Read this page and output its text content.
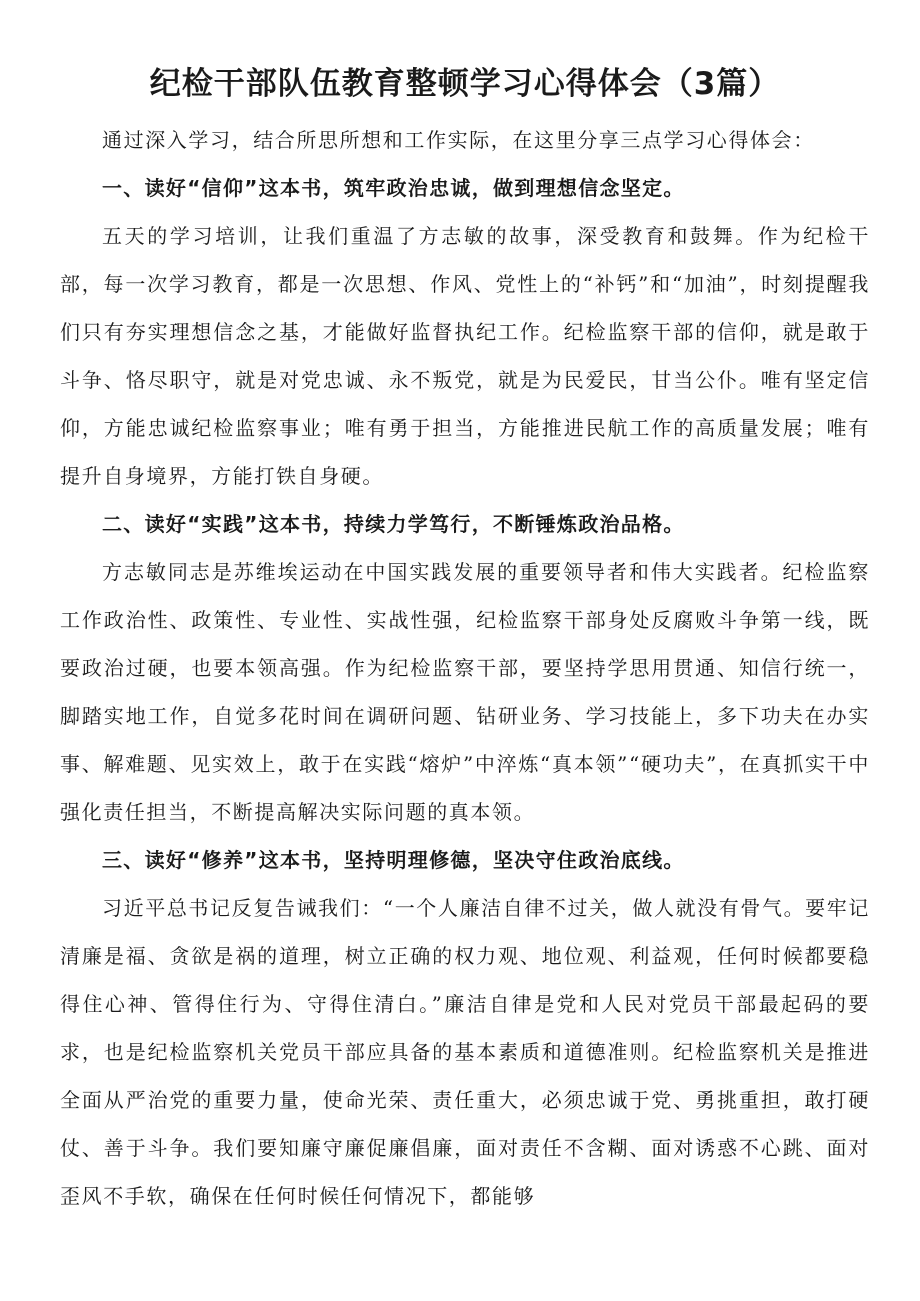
纪检干部队伍教育整顿学习心得体会（3篇）

通过深入学习，结合所思所想和工作实际，在这里分享三点学习心得体会：

一、读好“信仰”这本书，筑牢政治忠诚，做到理想信念坚定。

五天的学习培训，让我们重温了方志敏的故事，深受教育和鼓舞。作为纪检干部，每一次学习教育，都是一次思想、作风、党性上的“补钙”和“加油”，时刻提醒我们只有夯实理想信念之基，才能做好监督执纪工作。纪检监察干部的信仰，就是敢于斗争、恪尽职守，就是对党忠诚、永不叛党，就是为民爱民，甘当公仆。唯有坚定信仰，方能忠诚纪检监察事业；唯有勇于担当，方能推进民航工作的高质量发展；唯有提升自身境界，方能打铁自身硬。

二、读好“实践”这本书，持续力学笃行，不断锤炼政治品格。

方志敏同志是苏维埃运动在中国实践发展的重要领导者和伟大实践者。纪检监察工作政治性、政策性、专业性、实战性强，纪检监察干部身处反腐败斗争第一线，既要政治过硬，也要本领高强。作为纪检监察干部，要坚持学思用贯通、知信行统一，脚踏实地工作，自觉多花时间在调研问题、钻研业务、学习技能上，多下功夫在办实事、解难题、见实效上，敢于在实践“熔炉”中淬炼“真本领”“硬功夫”，在真抓实干中强化责任担当，不断提高解决实际问题的真本领。

三、读好“修养”这本书，坚持明理修德，坚决守住政治底线。

习近平总书记反复告诫我们：“一个人廉洁自律不过关，做人就没有骨气。要牢记清廉是福、贪欲是祸的道理，树立正确的权力观、地位观、利益观，任何时候都要稳得住心神、管得住行为、守得住清白。”廉洁自律是党和人民对党员干部最起码的要求，也是纪检监察机关党员干部应具备的基本素质和道德准则。纪检监察机关是推进全面从严治党的重要力量，使命光荣、责任重大，必须忠诚于党、勇挑重担，敢打硬仗、善于斗争。我们要知廉守廉促廉倡廉，面对责任不含糊、面对诱惑不心跳、面对歪风不手软，确保在任何时候任何情况下，都能够
